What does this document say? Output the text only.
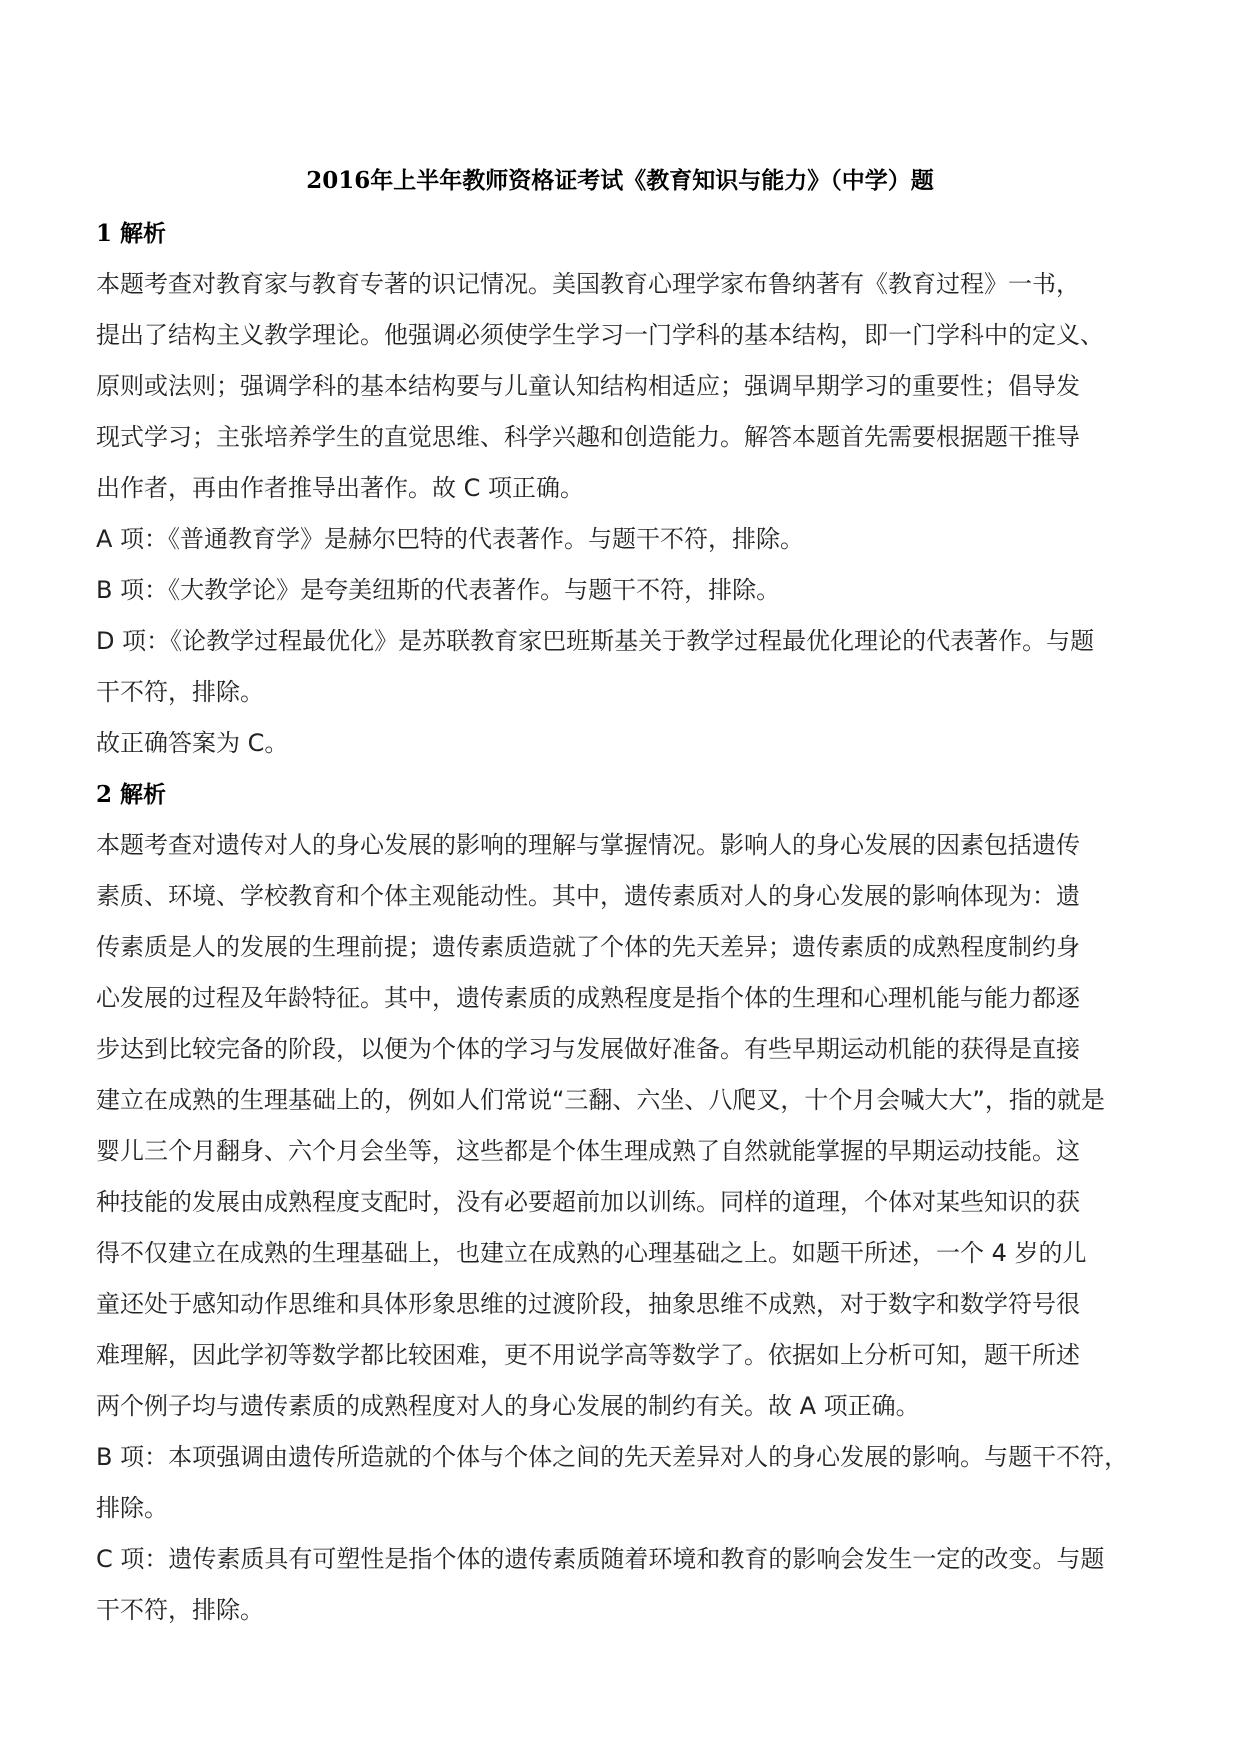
2016年上半年教师资格证考试《教育知识与能力》（中学）题

1 解析

本题考查对教育家与教育专著的识记情况。美国教育心理学家布鲁纳著有《教育过程》一书，
提出了结构主义教学理论。他强调必须使学生学习一门学科的基本结构，即一门学科中的定义、
原则或法则；强调学科的基本结构要与儿童认知结构相适应；强调早期学习的重要性；倡导发
现式学习；主张培养学生的直觉思维、科学兴趣和创造能力。解答本题首先需要根据题干推导
出作者，再由作者推导出著作。故 C 项正确。

A 项：《普通教育学》是赫尔巴特的代表著作。与题干不符，排除。

B 项：《大教学论》是夸美纽斯的代表著作。与题干不符，排除。

D 项：《论教学过程最优化》是苏联教育家巴班斯基关于教学过程最优化理论的代表著作。与题
干不符，排除。

故正确答案为 C。

2 解析

本题考查对遗传对人的身心发展的影响的理解与掌握情况。影响人的身心发展的因素包括遗传
素质、环境、学校教育和个体主观能动性。其中，遗传素质对人的身心发展的影响体现为：遗
传素质是人的发展的生理前提；遗传素质造就了个体的先天差异；遗传素质的成熟程度制约身
心发展的过程及年龄特征。其中，遗传素质的成熟程度是指个体的生理和心理机能与能力都逐
步达到比较完备的阶段，以便为个体的学习与发展做好准备。有些早期运动机能的获得是直接
建立在成熟的生理基础上的，例如人们常说“三翻、六坐、八爬叉，十个月会喊大大”，指的就是
婴儿三个月翻身、六个月会坐等，这些都是个体生理成熟了自然就能掌握的早期运动技能。这
种技能的发展由成熟程度支配时，没有必要超前加以训练。同样的道理，个体对某些知识的获
得不仅建立在成熟的生理基础上，也建立在成熟的心理基础之上。如题干所述，一个 4 岁的儿
童还处于感知动作思维和具体形象思维的过渡阶段，抽象思维不成熟，对于数字和数学符号很
难理解，因此学初等数学都比较困难，更不用说学高等数学了。依据如上分析可知，题干所述
两个例子均与遗传素质的成熟程度对人的身心发展的制约有关。故 A 项正确。

B 项：本项强调由遗传所造就的个体与个体之间的先天差异对人的身心发展的影响。与题干不符，
排除。

C 项：遗传素质具有可塑性是指个体的遗传素质随着环境和教育的影响会发生一定的改变。与题
干不符，排除。
